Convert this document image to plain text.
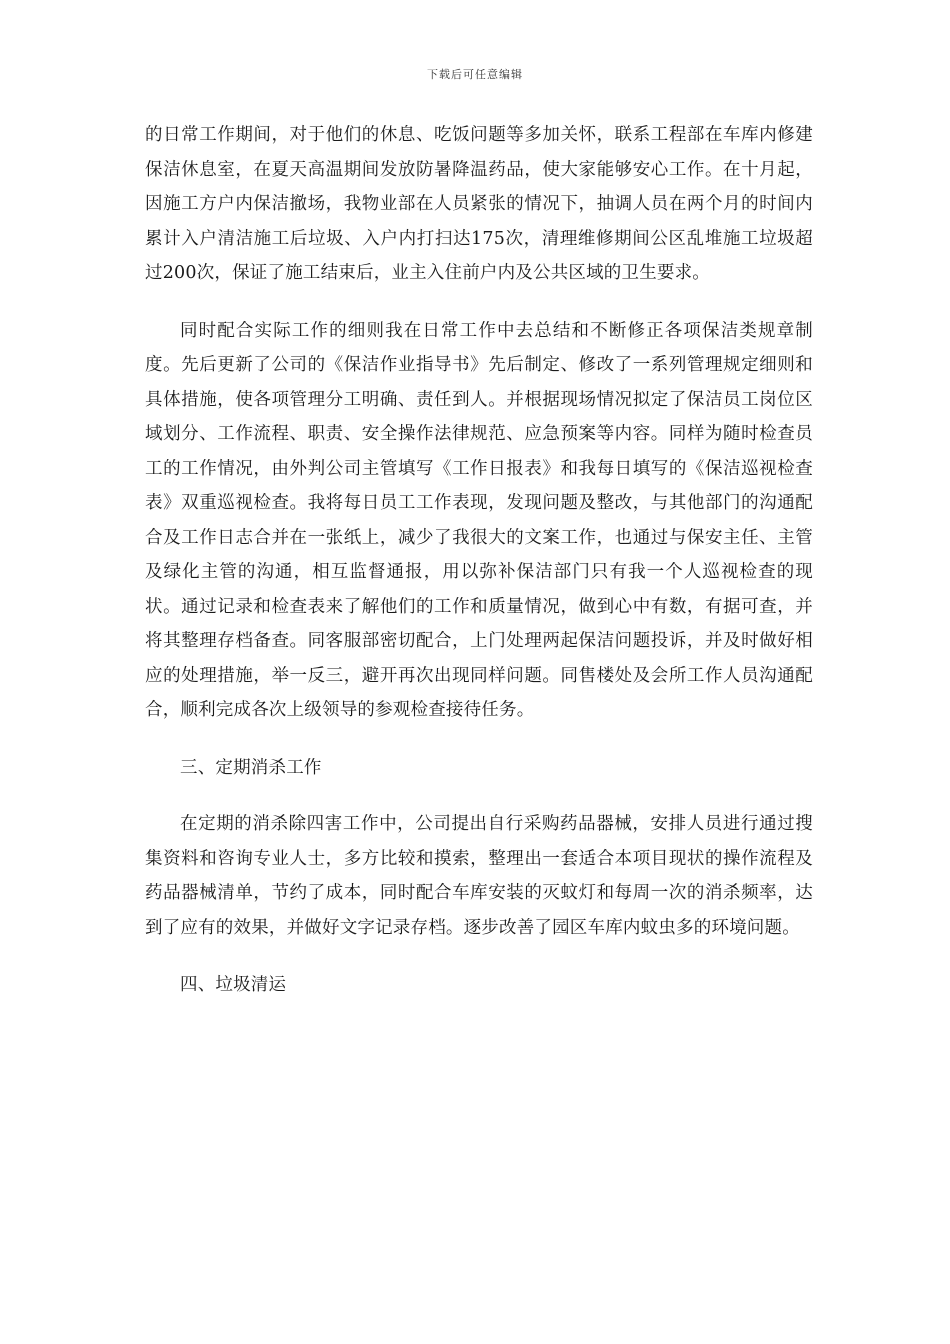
下载后可任意编辑

的日常工作期间，对于他们的休息、吃饭问题等多加关怀，联系工程部在车库内修建保洁休息室，在夏天高温期间发放防暑降温药品，使大家能够安心工作。在十月起，因施工方户内保洁撤场，我物业部在人员紧张的情况下，抽调人员在两个月的时间内累计入户清洁施工后垃圾、入户内打扫达175次，清理维修期间公区乱堆施工垃圾超过200次，保证了施工结束后，业主入住前户内及公共区域的卫生要求。

同时配合实际工作的细则我在日常工作中去总结和不断修正各项保洁类规章制度。先后更新了公司的《保洁作业指导书》先后制定、修改了一系列管理规定细则和具体措施，使各项管理分工明确、责任到人。并根据现场情况拟定了保洁员工岗位区域划分、工作流程、职责、安全操作法律规范、应急预案等内容。同样为随时检查员工的工作情况，由外判公司主管填写《工作日报表》和我每日填写的《保洁巡视检查表》双重巡视检查。我将每日员工工作表现，发现问题及整改，与其他部门的沟通配合及工作日志合并在一张纸上，减少了我很大的文案工作，也通过与保安主任、主管及绿化主管的沟通，相互监督通报，用以弥补保洁部门只有我一个人巡视检查的现状。通过记录和检查表来了解他们的工作和质量情况，做到心中有数，有据可查，并将其整理存档备查。同客服部密切配合，上门处理两起保洁问题投诉，并及时做好相应的处理措施，举一反三，避开再次出现同样问题。同售楼处及会所工作人员沟通配合，顺利完成各次上级领导的参观检查接待任务。

三、定期消杀工作

在定期的消杀除四害工作中，公司提出自行采购药品器械，安排人员进行通过搜集资料和咨询专业人士，多方比较和摸索，整理出一套适合本项目现状的操作流程及药品器械清单，节约了成本，同时配合车库安装的灭蚊灯和每周一次的消杀频率，达到了应有的效果，并做好文字记录存档。逐步改善了园区车库内蚊虫多的环境问题。

四、垃圾清运
